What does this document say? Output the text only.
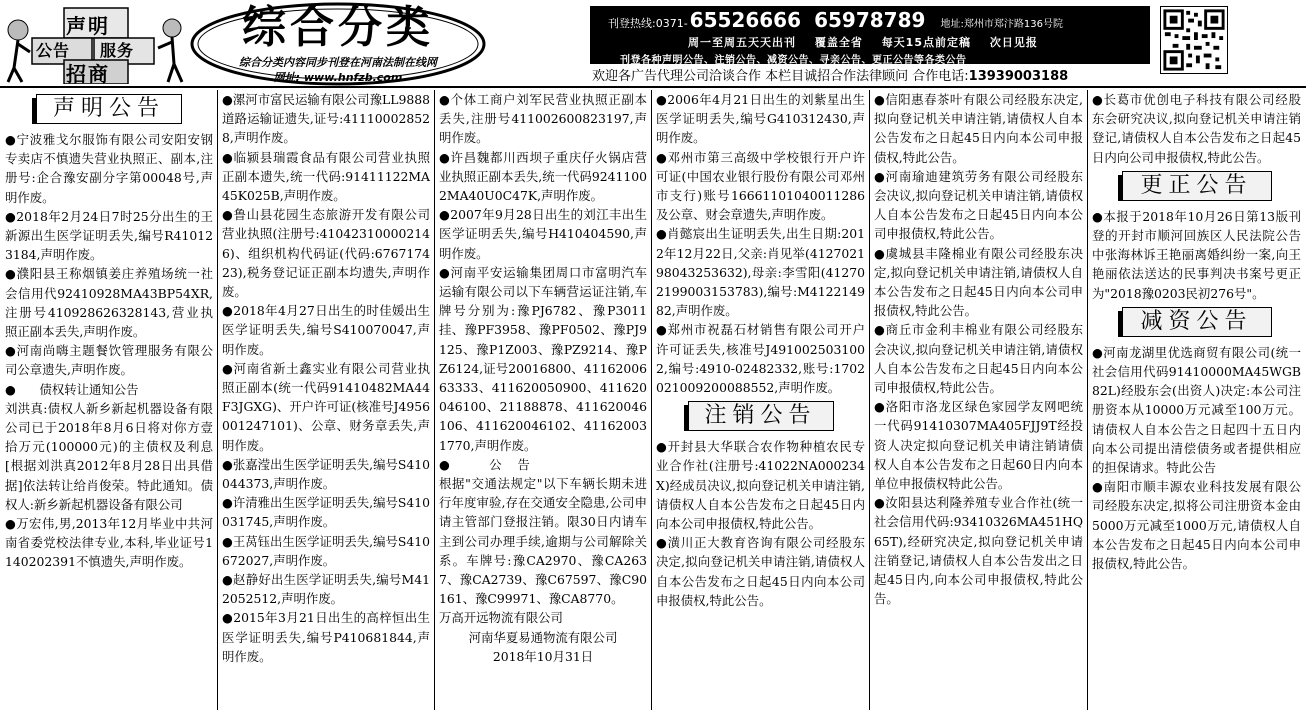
声明
公告 服务
招商
综合分类
综合分类内容同步刊登在河南法制在线网
网址: www.hnfzb.com
刊登热线:0371- 65526666 65978789 地址:郑州市郑汴路136号院
周一至周五天天出刊 覆盖全省 每天15点前定稿 次日见报
刊登各种声明公告、注销公告、减资公告、寻亲公告、更正公告等各类公告
欢迎各广告代理公司洽谈合作 本栏目诚招合作法律顾问 合作电话:13939003188
声明公告

●宁波雅戈尔服饰有限公司安阳安钢专卖店不慎遗失营业执照正、副本,注册号:企合豫安副分字第00048号,声明作废。

●2018年2月24日7时25分出生的王新源出生医学证明丢失,编号R410123184,声明作废。

●濮阳县王称烟镇姜庄养殖场统一社会信用代92410928MA43BP54XR,注册号410928626328143,营业执照正副本丢失,声明作废。

●河南尚嗨主题餐饮管理服务有限公司公章遗失,声明作废。

●      债权转让通知公告

刘洪真:债权人新乡新起机器设备有限公司已于2018年8月6日将对你方壹拾万元(100000元)的主债权及利息[根据刘洪真2012年8月28日出具借据]依法转让给肖俊荣。特此通知。债权人:新乡新起机器设备有限公司

●万宏伟,男,2013年12月毕业中共河南省委党校法律专业,本科,毕业证号1140202391不慎遗失,声明作废。

●漯河市富民运输有限公司豫LL9888道路运输证遗失,证号:411100028528,声明作废。

●临颍县瑞霞食品有限公司营业执照正副本遗失,统一代码:91411122MA45K025B,声明作废。

●鲁山县花园生态旅游开发有限公司营业执照(注册号:410423100002146)、组织机构代码证(代码:676717423),税务登记证正副本均遗失,声明作废。

●2018年4月27日出生的时佳媛出生医学证明丢失,编号S410070047,声明作废。

●河南省新土鑫实业有限公司营业执照正副本(统一代码91410482MA44F3JGXG)、开户许可证(核准号J4956001247101)、公章、财务章丢失,声明作废。

●张嘉滢出生医学证明丢失,编号S410044373,声明作废。

●许清雅出生医学证明丢失,编号S410031745,声明作废。

●王莴钰出生医学证明丢失,编号S410672027,声明作废。

●赵静好出生医学证明丢失,编号M412052512,声明作废。

●2015年3月21日出生的高梓恒出生医学证明丢失,编号P410681844,声明作废。

●个体工商户刘军民营业执照正副本丢失,注册号411002600823197,声明作废。

●许昌魏都川西坝子重庆仔火锅店营业执照正副本丢失,统一代码92411002MA40U0C47K,声明作废。

●2007年9月28日出生的刘江丰出生医学证明丢失,编号H410404590,声明作废。

●河南平安运输集团周口市富明汽车运输有限公司以下车辆营运证注销,车牌号分别为:豫PJ6782、豫P3011挂、豫PF3958、豫PF0502、豫PJ9125、豫P1Z003、豫PZ9214、豫PZ6124,证号20016800、4116200663333、411620050900、411620046100、21188878、411620046106、411620046102、411620031770,声明作废。

●          公    告

根据"交通法规定"以下车辆长期未进行年度审验,存在交通安全隐患,公司申请主管部门登报注销。限30日内请车主到公司办理手续,逾期与公司解除关系。车牌号:豫CA2970、豫CA2637、豫CA2739、豫C67597、豫C90161、豫C99971、豫CA8770。

万高开远物流有限公司

河南华夏易通物流有限公司

2018年10月31日

●2006年4月21日出生的刘紫星出生医学证明丢失,编号G410312430,声明作废。

●邓州市第三高级中学校银行开户许可证(中国农业银行股份有限公司邓州市支行)账号16661101040011286及公章、财会章遗失,声明作废。

●肖懿宸出生证明丢失,出生日期:2012年12月22日,父亲:肖见举(412702198043253632),母亲:李雪阳(412702199003153783),编号:M412214982,声明作废。

●郑州市祝磊石材销售有限公司开户许可证丢失,核准号J4910025031002,编号:4910-02482332,账号:1702021009200088552,声明作废。

注销公告

●开封县大华联合农作物种植农民专业合作社(注册号:41022NA000234X)经成员决议,拟向登记机关申请注销,请债权人自本公告发布之日起45日内向本公司申报债权,特此公告。

●潢川正大教育咨询有限公司经股东决定,拟向登记机关申请注销,请债权人自本公告发布之日起45日内向本公司申报债权,特此公告。

●信阳惠春茶叶有限公司经股东决定,拟向登记机关申请注销,请债权人自本公告发布之日起45日内向本公司申报债权,特此公告。

●河南瑜迪建筑劳务有限公司经股东会决议,拟向登记机关申请注销,请债权人自本公告发布之日起45日内向本公司申报债权,特此公告。

●虞城县丰隆棉业有限公司经股东决定,拟向登记机关申请注销,请债权人自本公告发布之日起45日内向本公司申报债权,特此公告。

●商丘市金利丰棉业有限公司经股东会决议,拟向登记机关申请注销,请债权人自本公告发布之日起45日内向本公司申报债权,特此公告。

●洛阳市洛龙区绿色家园学友网吧统一代码91410307MA405FJJ9T经投资人决定拟向登记机关申请注销请债权人自本公告发布之日起60日内向本单位申报债权特此公告。

●汝阳县达利隆养殖专业合作社(统一社会信用代码:93410326MA451HQ65T),经研究决定,拟向登记机关申请注销登记,请债权人自本公告发出之日起45日内,向本公司申报债权,特此公告。

●长葛市优创电子科技有限公司经股东会研究决议,拟向登记机关申请注销登记,请债权人自本公告发布之日起45日内向公司申报债权,特此公告。

更正公告

●本报于2018年10月26日第13版刊登的开封市顺河回族区人民法院公告中张海林诉王艳丽离婚纠纷一案,向王艳丽依法送达的民事判决书案号更正为"2018豫0203民初276号"。

减资公告

●河南龙湖里优选商贸有限公司(统一社会信用代码91410000MA45WGB82L)经股东会(出资人)决定:本公司注册资本从10000万元减至100万元。请债权人自本公告之日起四十五日内向本公司提出清偿债务或者提供相应的担保请求。特此公告

●南阳市顺丰源农业科技发展有限公司经股东决定,拟将公司注册资本金由5000万元减至1000万元,请债权人自本公告发布之日起45日内向本公司申报债权,特此公告。
